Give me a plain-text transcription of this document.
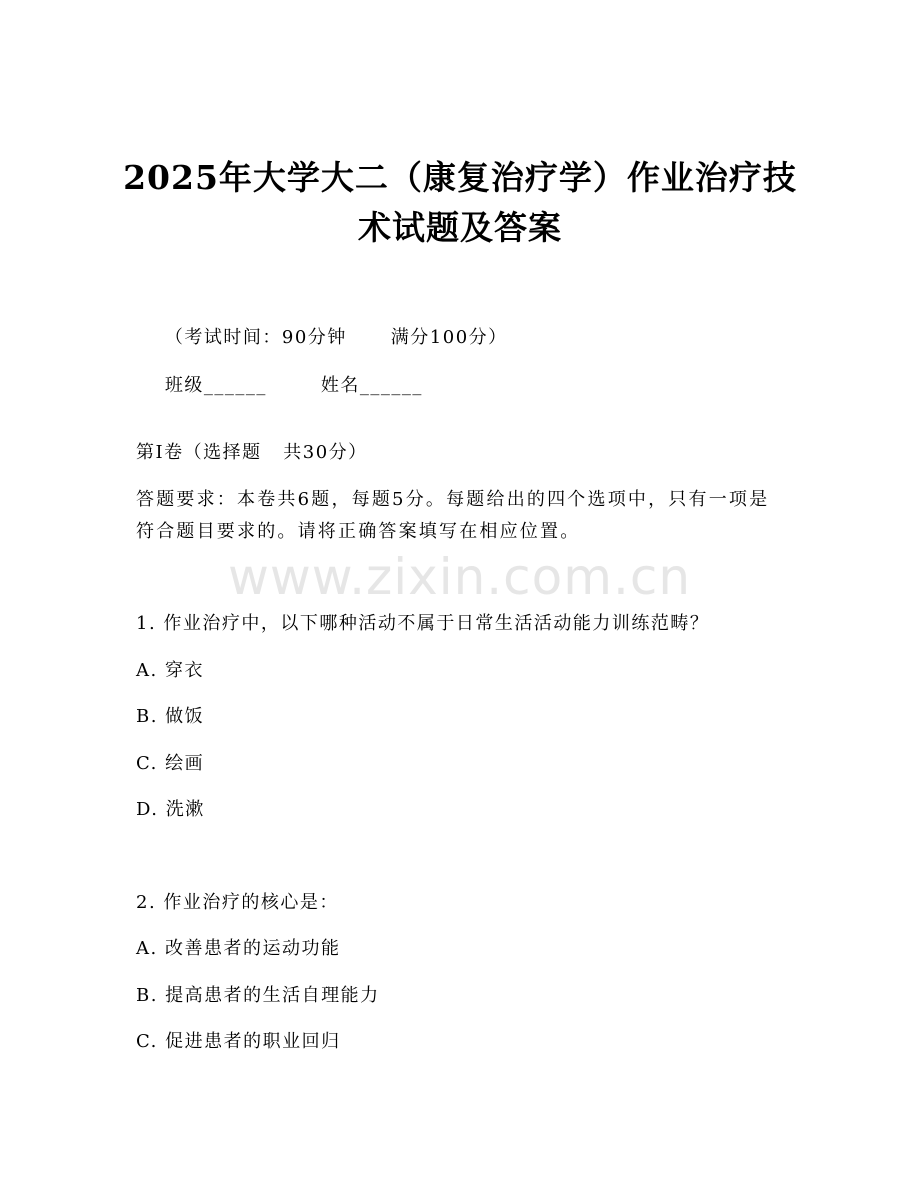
2025年大学大二（康复治疗学）作业治疗技
术试题及答案

（考试时间：90分钟 满分100分）

班级______	姓名______

第I卷（选择题   共30分）
答题要求：本卷共6题，每题5分。每题给出的四个选项中，只有一项是符合题目要求的。请将正确答案填写在相应位置。
www.zixin.com.cn
1. 作业治疗中，以下哪种活动不属于日常生活活动能力训练范畴？
A. 穿衣
B. 做饭
C. 绘画
D. 洗漱
2. 作业治疗的核心是：
A. 改善患者的运动功能
B. 提高患者的生活自理能力
C. 促进患者的职业回归
